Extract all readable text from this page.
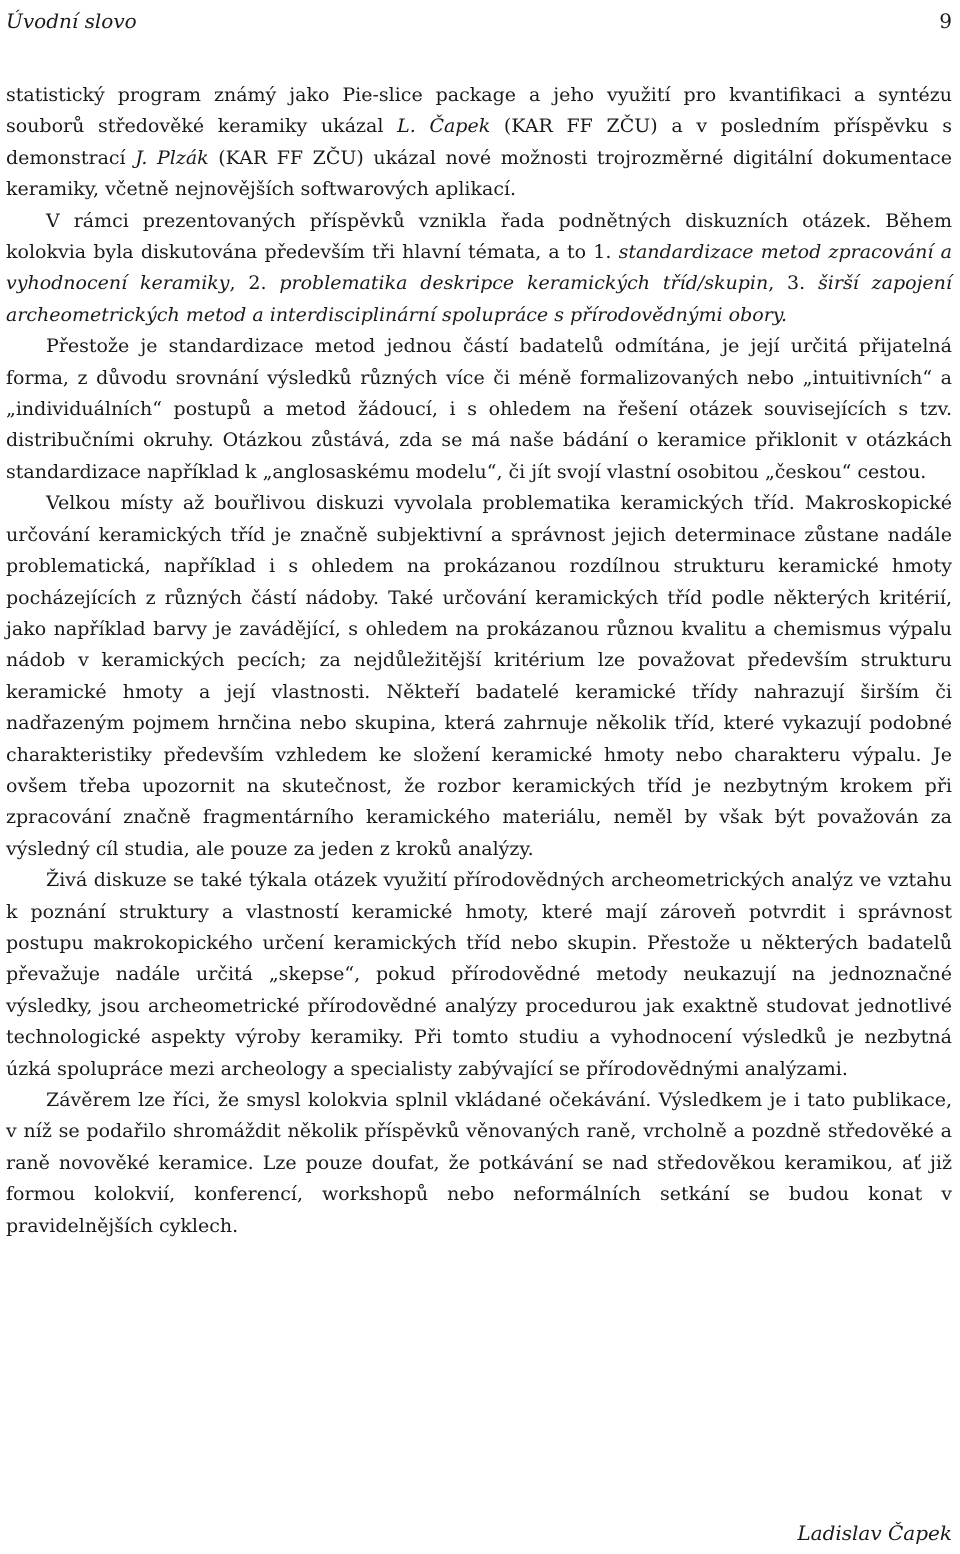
Úvodní slovo	9

statistický program známý jako Pie-slice package a jeho využití pro kvantifikaci a syntézu souborů středověké keramiky ukázal L. Čapek (KAR FF ZČU) a v posledním příspěvku s demonstrací J. Plzák (KAR FF ZČU) ukázal nové možnosti trojrozměrné digitální dokumentace keramiky, včetně nejnovějších softwarových aplikací.

V rámci prezentovaných příspěvků vznikla řada podnětných diskuzních otázek. Během kolokvia byla diskutována především tři hlavní témata, a to 1. standardizace metod zpracování a vyhodnocení keramiky, 2. problematika deskripce keramických tříd/skupin, 3. širší zapojení archeometrických metod a interdisciplinární spolupráce s přírodovědnými obory.

Přestože je standardizace metod jednou částí badatelů odmítána, je její určitá přijatelná forma, z důvodu srovnání výsledků různých více či méně formalizovaných nebo „intuitivních“ a „individuálních“ postupů a metod žádoucí, i s ohledem na řešení otázek souvisejících s tzv. distribučními okruhy. Otázkou zůstává, zda se má naše bádání o keramice přiklonit v otázkách standardizace například k „anglosaskému modelu“, či jít svojí vlastní osobitou „českou“ cestou.

Velkou místy až bouřlivou diskuzi vyvolala problematika keramických tříd. Makroskopické určování keramických tříd je značně subjektivní a správnost jejich determinace zůstane nadále problematická, například i s ohledem na prokázanou rozdílnou strukturu keramické hmoty pocházejících z různých částí nádoby. Také určování keramických tříd podle některých kritérií, jako například barvy je zavádějící, s ohledem na prokázanou různou kvalitu a chemismus výpalu nádob v keramických pecích; za nejdůležitější kritérium lze považovat především strukturu keramické hmoty a její vlastnosti. Někteří badatelé keramické třídy nahrazují širším či nadřazeným pojmem hrnčina nebo skupina, která zahrnuje několik tříd, které vykazují podobné charakteristiky především vzhledem ke složení keramické hmoty nebo charakteru výpalu. Je ovšem třeba upozornit na skutečnost, že rozbor keramických tříd je nezbytným krokem při zpracování značně fragmentárního keramického materiálu, neměl by však být považován za výsledný cíl studia, ale pouze za jeden z kroků analýzy.

Živá diskuze se také týkala otázek využití přírodovědných archeometrických analýz ve vztahu k poznání struktury a vlastností keramické hmoty, které mají zároveň potvrdit i správnost postupu makrokopického určení keramických tříd nebo skupin. Přestože u některých badatelů převažuje nadále určitá „skepse“, pokud přírodovědné metody neukazují na jednoznačné výsledky, jsou archeometrické přírodovědné analýzy procedurou jak exaktně studovat jednotlivé technologické aspekty výroby keramiky. Při tomto studiu a vyhodnocení výsledků je nezbytná úzká spolupráce mezi archeology a specialisty zabývající se přírodovědnými analýzami.

Závěrem lze říci, že smysl kolokvia splnil vkládané očekávání. Výsledkem je i tato publikace, v níž se podařilo shromáždit několik příspěvků věnovaných raně, vrcholně a pozdně středověké a raně novověké keramice. Lze pouze doufat, že potkávání se nad středověkou keramikou, ať již formou kolokvií, konferencí, workshopů nebo neformálních setkání se budou konat v pravidelnějších cyklech.

Ladislav Čapek
